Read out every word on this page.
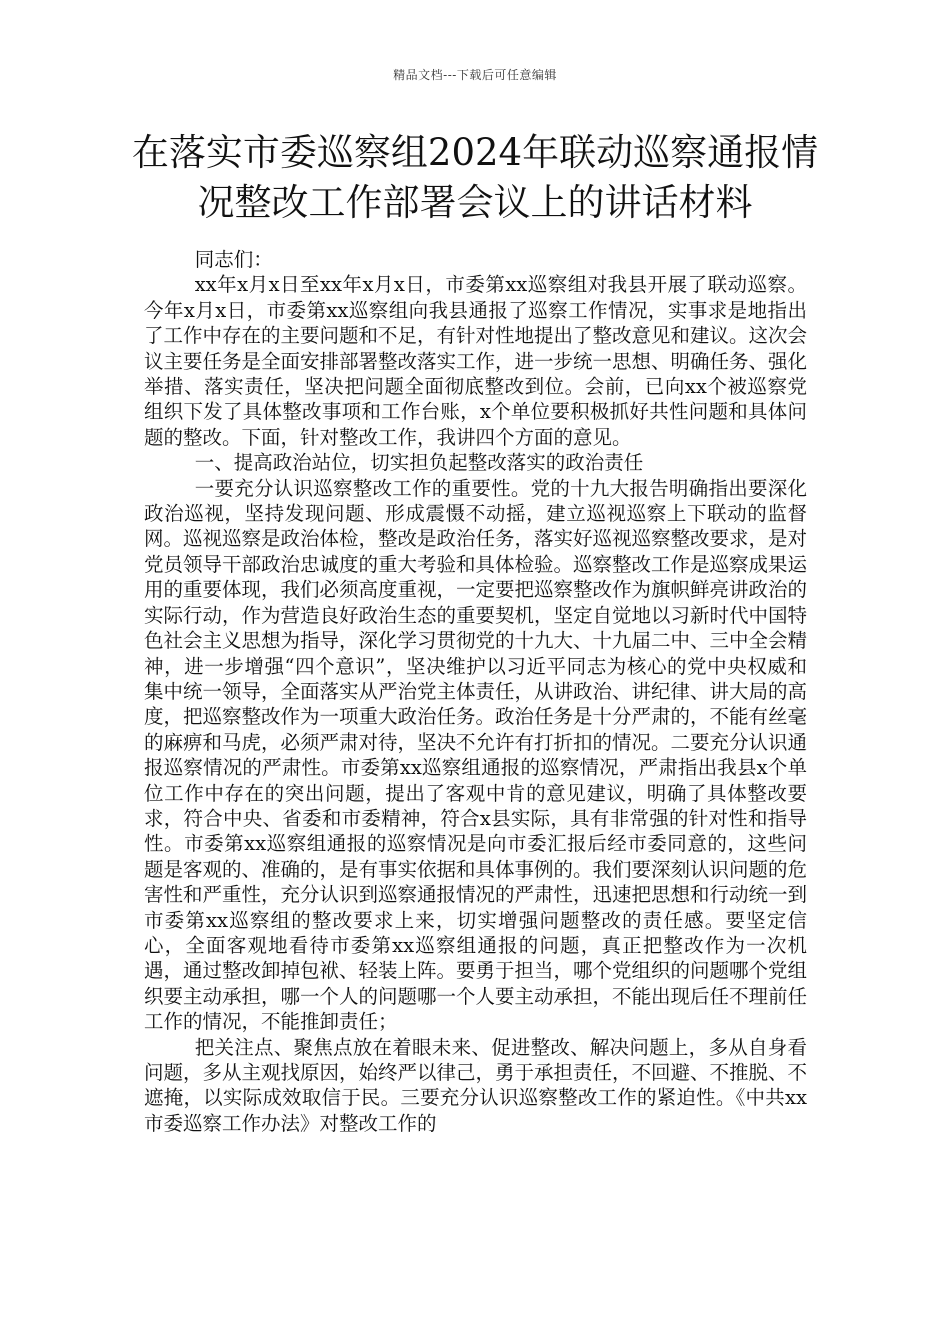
精品文档---下载后可任意编辑
在落实市委巡察组2024年联动巡察通报情况整改工作部署会议上的讲话材料

同志们：

xx年x月x日至xx年x月x日，市委第xx巡察组对我县开展了联动巡察。今年x月x日，市委第xx巡察组向我县通报了巡察工作情况，实事求是地指出了工作中存在的主要问题和不足，有针对性地提出了整改意见和建议。这次会议主要任务是全面安排部署整改落实工作，进一步统一思想、明确任务、强化举措、落实责任，坚决把问题全面彻底整改到位。会前，已向xx个被巡察党组织下发了具体整改事项和工作台账，x个单位要积极抓好共性问题和具体问题的整改。下面，针对整改工作，我讲四个方面的意见。

一、提高政治站位，切实担负起整改落实的政治责任

一要充分认识巡察整改工作的重要性。党的十九大报告明确指出要深化政治巡视，坚持发现问题、形成震慑不动摇，建立巡视巡察上下联动的监督网。巡视巡察是政治体检，整改是政治任务，落实好巡视巡察整改要求，是对党员领导干部政治忠诚度的重大考验和具体检验。巡察整改工作是巡察成果运用的重要体现，我们必须高度重视，一定要把巡察整改作为旗帜鲜亮讲政治的实际行动，作为营造良好政治生态的重要契机，坚定自觉地以习新时代中国特色社会主义思想为指导，深化学习贯彻党的十九大、十九届二中、三中全会精神，进一步增强“四个意识”，坚决维护以习近平同志为核心的党中央权威和集中统一领导，全面落实从严治党主体责任，从讲政治、讲纪律、讲大局的高度，把巡察整改作为一项重大政治任务。政治任务是十分严肃的，不能有丝毫的麻痹和马虎，必须严肃对待，坚决不允许有打折扣的情况。二要充分认识通报巡察情况的严肃性。市委第xx巡察组通报的巡察情况，严肃指出我县x个单位工作中存在的突出问题，提出了客观中肯的意见建议，明确了具体整改要求，符合中央、省委和市委精神，符合x县实际，具有非常强的针对性和指导性。市委第xx巡察组通报的巡察情况是向市委汇报后经市委同意的，这些问题是客观的、准确的，是有事实依据和具体事例的。我们要深刻认识问题的危害性和严重性，充分认识到巡察通报情况的严肃性，迅速把思想和行动统一到市委第xx巡察组的整改要求上来，切实增强问题整改的责任感。要坚定信心，全面客观地看待市委第xx巡察组通报的问题，真正把整改作为一次机遇，通过整改卸掉包袱、轻装上阵。要勇于担当，哪个党组织的问题哪个党组织要主动承担，哪一个人的问题哪一个人要主动承担，不能出现后任不理前任工作的情况，不能推卸责任；

把关注点、聚焦点放在着眼未来、促进整改、解决问题上，多从自身看问题，多从主观找原因，始终严以律己，勇于承担责任，不回避、不推脱、不遮掩，以实际成效取信于民。三要充分认识巡察整改工作的紧迫性。《中共xx市委巡察工作办法》对整改工作的
